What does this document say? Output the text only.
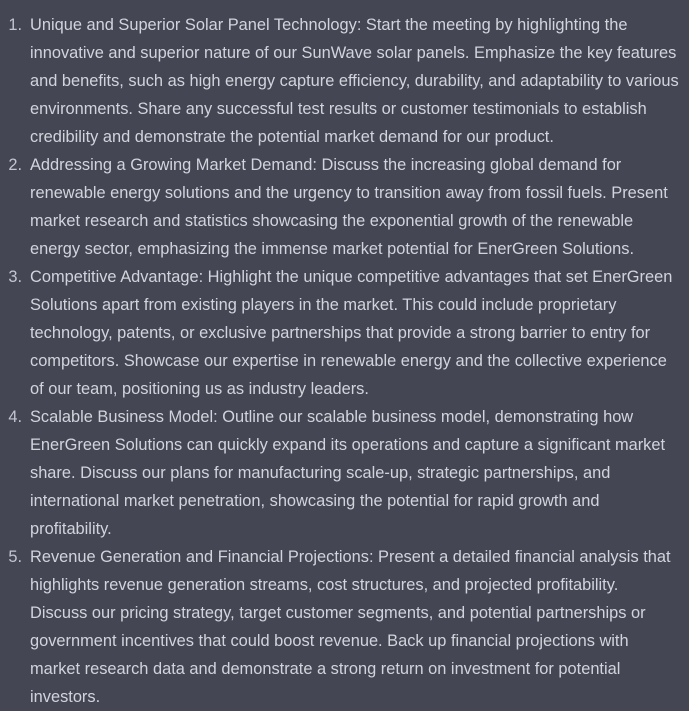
1. Unique and Superior Solar Panel Technology: Start the meeting by highlighting the innovative and superior nature of our SunWave solar panels. Emphasize the key features and benefits, such as high energy capture efficiency, durability, and adaptability to various environments. Share any successful test results or customer testimonials to establish credibility and demonstrate the potential market demand for our product.
2. Addressing a Growing Market Demand: Discuss the increasing global demand for renewable energy solutions and the urgency to transition away from fossil fuels. Present market research and statistics showcasing the exponential growth of the renewable energy sector, emphasizing the immense market potential for EnerGreen Solutions.
3. Competitive Advantage: Highlight the unique competitive advantages that set EnerGreen Solutions apart from existing players in the market. This could include proprietary technology, patents, or exclusive partnerships that provide a strong barrier to entry for competitors. Showcase our expertise in renewable energy and the collective experience of our team, positioning us as industry leaders.
4. Scalable Business Model: Outline our scalable business model, demonstrating how EnerGreen Solutions can quickly expand its operations and capture a significant market share. Discuss our plans for manufacturing scale-up, strategic partnerships, and international market penetration, showcasing the potential for rapid growth and profitability.
5. Revenue Generation and Financial Projections: Present a detailed financial analysis that highlights revenue generation streams, cost structures, and projected profitability. Discuss our pricing strategy, target customer segments, and potential partnerships or government incentives that could boost revenue. Back up financial projections with market research data and demonstrate a strong return on investment for potential investors.
